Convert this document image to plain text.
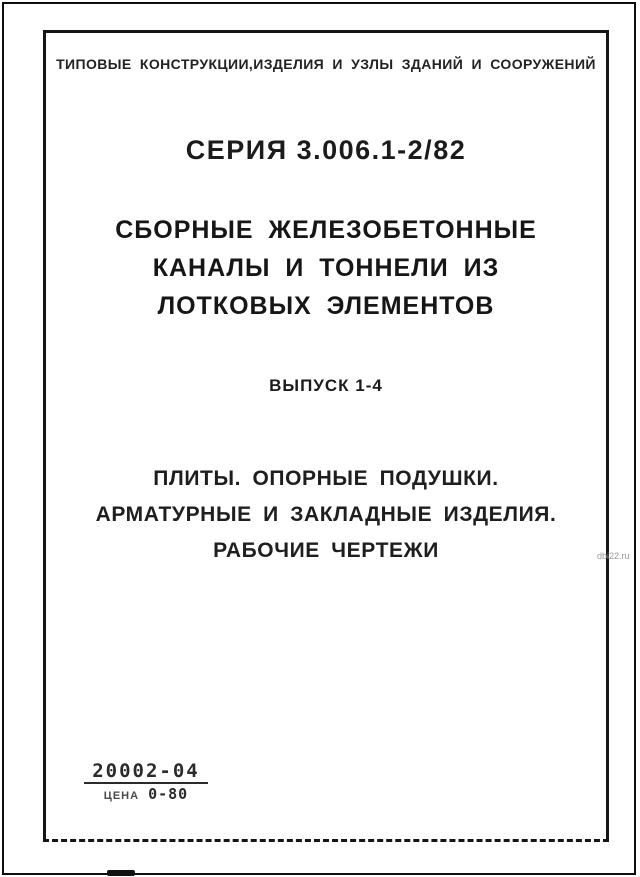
ТИПОВЫЕ КОНСТРУКЦИИ,ИЗДЕЛИЯ И УЗЛЫ ЗДАНИЙ И СООРУЖЕНИЙ
СЕРИЯ 3.006.1-2/82
СБОРНЫЕ ЖЕЛЕЗОБЕТОННЫЕ
КАНАЛЫ И ТОННЕЛИ ИЗ
ЛОТКОВЫХ ЭЛЕМЕНТОВ
ВЫПУСК 1-4
ПЛИТЫ. ОПОРНЫЕ ПОДУШКИ.
АРМАТУРНЫЕ И ЗАКЛАДНЫЕ ИЗДЕЛИЯ.
РАБОЧИЕ ЧЕРТЕЖИ
20002-04
ЦЕНА 0-80
dbi22.ru
